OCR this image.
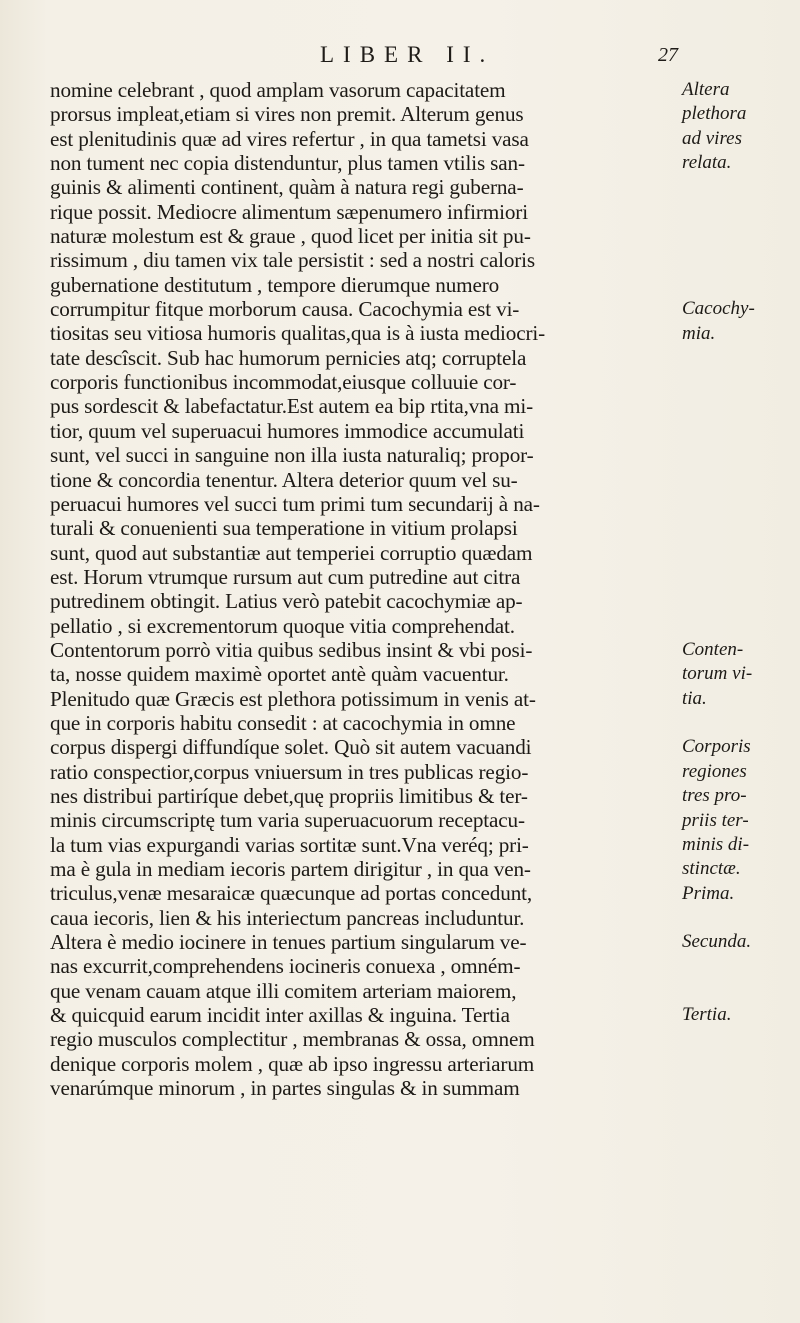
LIBER II.	27
nomine celebrant , quod amplam vasorum capacitatem
prorsus impleat,etiam si vires non premit. Alterum genus
est plenitudinis quæ ad vires refertur , in qua tametsi vasa
non tument nec copia distenduntur, plus tamen vtilis san-
guinis & alimenti continent, quàm à natura regi guberna-
rique possit. Mediocre alimentum sæpenumero infirmiori
naturæ molestum est & graue , quod licet per initia sit pu-
rissimum , diu tamen vix tale persistit : sed a nostri caloris
gubernatione destitutum , tempore dierumque numero
corrumpitur fitque morborum causa. Cacochymia est vi-
tiositas seu vitiosa humoris qualitas,qua is à iusta mediocri-
tate descîscit. Sub hac humorum pernicies atq; corruptela
corporis functionibus incommodat,eiusque colluuie cor-
pus sordescit & labefactatur.Est autem ea bip rtita,vna mi-
tior, quum vel superuacui humores immodice accumulati
sunt, vel succi in sanguine non illa iusta naturaliq; propor-
tione & concordia tenentur. Altera deterior quum vel su-
peruacui humores vel succi tum primi tum secundarij à na-
turali & conuenienti sua temperatione in vitium prolapsi
sunt, quod aut substantiæ aut temperiei corruptio quædam
est. Horum vtrumque rursum aut cum putredine aut citra
putredinem obtingit. Latius verò patebit cacochymiæ ap-
pellatio , si excrementorum quoque vitia comprehendat.
Contentorum porrò vitia quibus sedibus insint & vbi posi-
ta, nosse quidem maximè oportet antè quàm vacuentur.
Plenitudo quæ Græcis est plethora potissimum in venis at-
que in corporis habitu consedit : at cacochymia in omne
corpus dispergi diffundíque solet. Quò sit autem vacuandi
ratio conspectior,corpus vniuersum in tres publicas regio-
nes distribui partiríque debet,quę propriis limitibus & ter-
minis circumscriptę tum varia superuacuorum receptacu-
la tum vias expurgandi varias sortitæ sunt.Vna veréq; pri-
ma è gula in mediam iecoris partem dirigitur , in qua ven-
triculus,venæ mesaraicæ quæcunque ad portas concedunt,
caua iecoris, lien & his interiectum pancreas includuntur.
Altera è medio iocinere in tenues partium singularum ve-
nas excurrit,comprehendens iocineris conuexa , omném-
que venam cauam atque illi comitem arteriam maiorem,
& quicquid earum incidit inter axillas & inguina. Tertia
regio musculos complectitur , membranas & ossa, omnem
denique corporis molem , quæ ab ipso ingressu arteriarum
venarúmque minorum , in partes singulas & in summam
Altera
plethora
ad vires
relata.
Cacochy-
mia.
Conten-
torum vi-
tia.
Corporis
regiones
tres pro-
priis ter-
minis di-
stinctæ.
Prima.
Secunda.
Tertia.
